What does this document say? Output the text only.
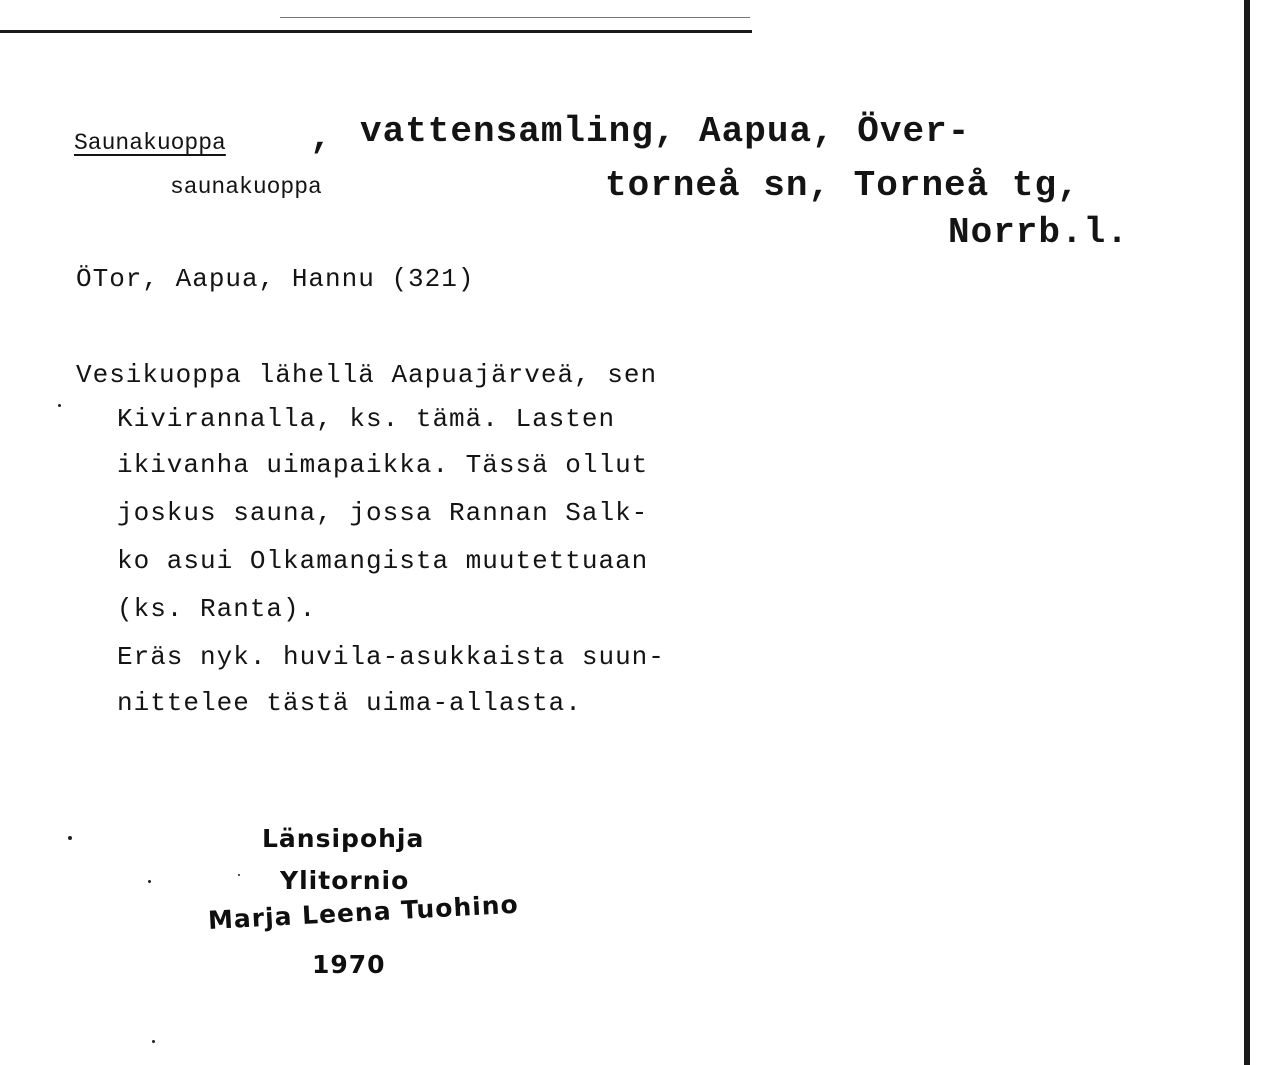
Saunakuoppa ,
saunakuoppa
vattensamling, Aapua, Över-
torneå sn, Torneå tg,
Norrb.l.
ÖTor, Aapua, Hannu (321)
Vesikuoppa lähellä Aapuajärveä, sen
Kivirannalla, ks. tämä. Lasten
ikivanha uimapaikka. Tässä ollut
joskus sauna, jossa Rannan Salk-
ko asui Olkamangista muutettuaan
(ks. Ranta).
Eräs nyk. huvila-asukkaista suun-
nittelee tästä uima-allasta.
Länsipohja
Ylitornio
Marja Leena Tuohino
1970
